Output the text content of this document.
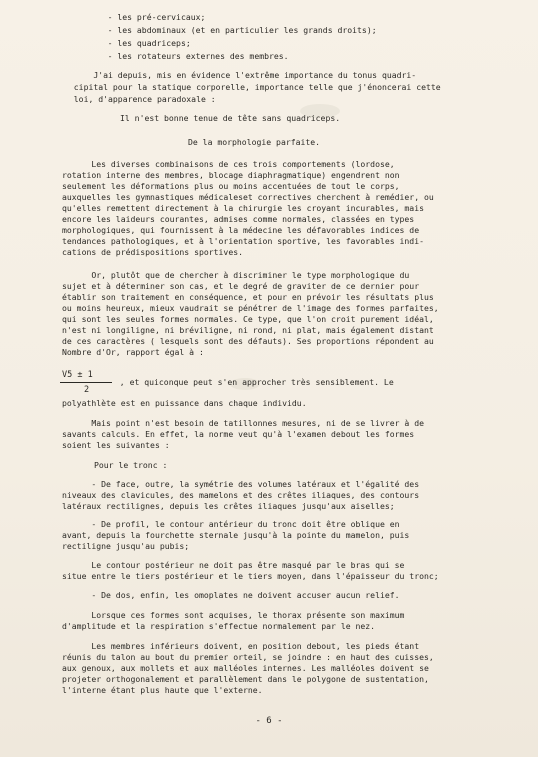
- les pré-cervicaux;
- les abdominaux (et en particulier les grands droits);
- les quadriceps;
- les rotateurs externes des membres.
J'ai depuis, mis en évidence l'extrême importance du tonus quadri-
cipital pour la statique corporelle, importance telle que j'énoncerai cette
loi, d'apparence paradoxale :
Il n'est bonne tenue de tête sans quadriceps.
De la morphologie parfaite.
Les diverses combinaisons de ces trois comportements (lordose,
rotation interne des membres, blocage diaphragmatique) engendrent non
seulement les déformations plus ou moins accentuées de tout le corps,
auxquelles les gymnastiques médicaleset correctives cherchent à remédier, ou
qu'elles remettent directement à la chirurgie les croyant incurables, mais
encore les laideurs courantes, admises comme normales, classées en types
morphologiques, qui fournissent à la médecine les défavorables indices de
tendances pathologiques, et à l'orientation sportive, les favorables indi-
cations de prédispositions sportives.
Or, plutôt que de chercher à discriminer le type morphologique du
sujet et à déterminer son cas, et le degré de graviter de ce dernier pour
établir son traitement en conséquence, et pour en prévoir les résultats plus
ou moins heureux, mieux vaudrait se pénétrer de l'image des formes parfaites,
qui sont les seules formes normales. Ce type, que l'on croit purement idéal,
n'est ni longiligne, ni bréviligne, ni rond, ni plat, mais également distant
de ces caractères ( lesquels sont des défauts). Ses proportions répondent au
Nombre d'Or, rapport égal à :
V5 ± 1
2
, et quiconque peut s'en approcher très sensiblement. Le
polyathlète est en puissance dans chaque individu.
Mais point n'est besoin de tatillonnes mesures, ni de se livrer à de
savants calculs. En effet, la norme veut qu'à l'examen debout les formes
soient les suivantes :
Pour le tronc :
- De face, outre, la symétrie des volumes latéraux et l'égalité des
niveaux des clavicules, des mamelons et des crêtes iliaques, des contours
latéraux rectilignes, depuis les crêtes iliaques jusqu'aux aiselles;
- De profil, le contour antérieur du tronc doit être oblique en
avant, depuis la fourchette sternale jusqu'à la pointe du mamelon, puis
rectiligne jusqu'au pubis;
Le contour postérieur ne doit pas être masqué par le bras qui se
situe entre le tiers postérieur et le tiers moyen, dans l'épaisseur du tronc;
- De dos, enfin, les omoplates ne doivent accuser aucun relief.
Lorsque ces formes sont acquises, le thorax présente son maximum
d'amplitude et la respiration s'effectue normalement par le nez.
Les membres inférieurs doivent, en position debout, les pieds étant
réunis du talon au bout du premier orteil, se joindre : en haut des cuisses,
aux genoux, aux mollets et aux malléoles internes. Les malléoles doivent se
projeter orthogonalement et parallèlement dans le polygone de sustentation,
l'interne étant plus haute que l'externe.
- 6 -
